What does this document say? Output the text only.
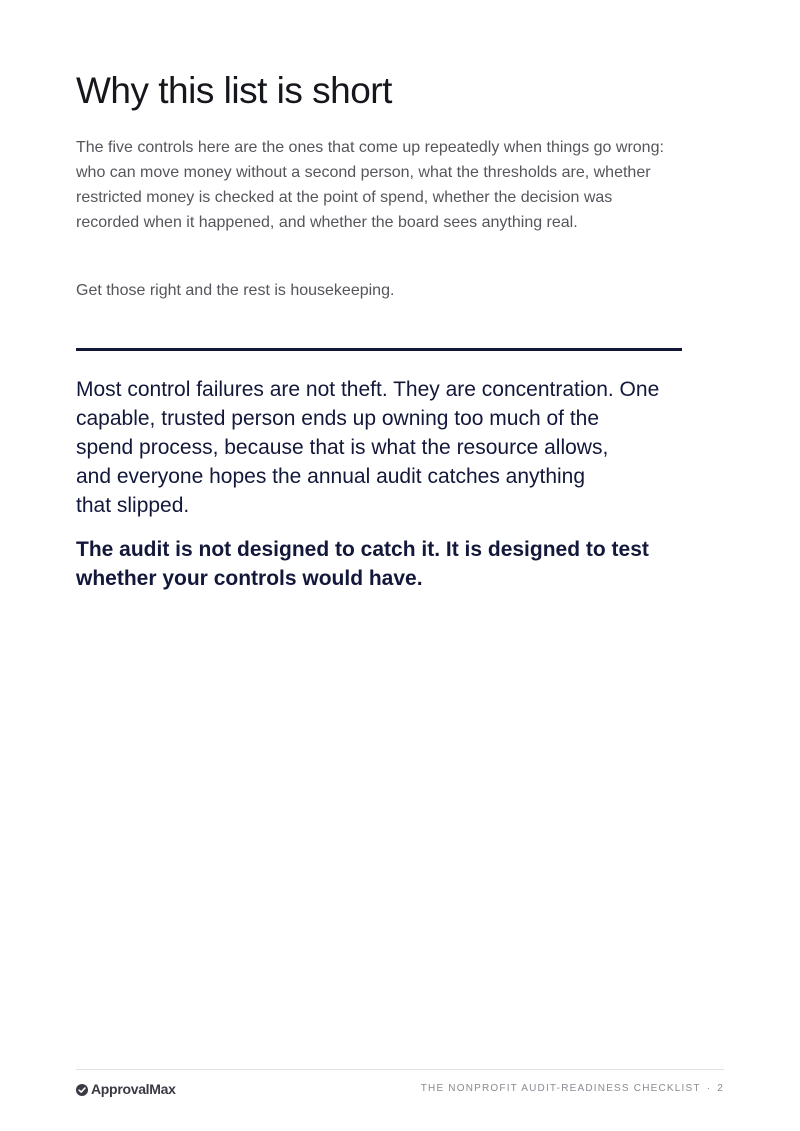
Why this list is short

The five controls here are the ones that come up repeatedly when things go wrong: who can move money without a second person, what the thresholds are, whether restricted money is checked at the point of spend, whether the decision was recorded when it happened, and whether the board sees anything real.

Get those right and the rest is housekeeping.

Most control failures are not theft. They are concentration. One
capable, trusted person ends up owning too much of the
spend process, because that is what the resource allows,
and everyone hopes the annual audit catches anything
that slipped.

The audit is not designed to catch it. It is designed to test
whether your controls would have.

ApprovalMax	THE NONPROFIT AUDIT-READINESS CHECKLIST · 2
